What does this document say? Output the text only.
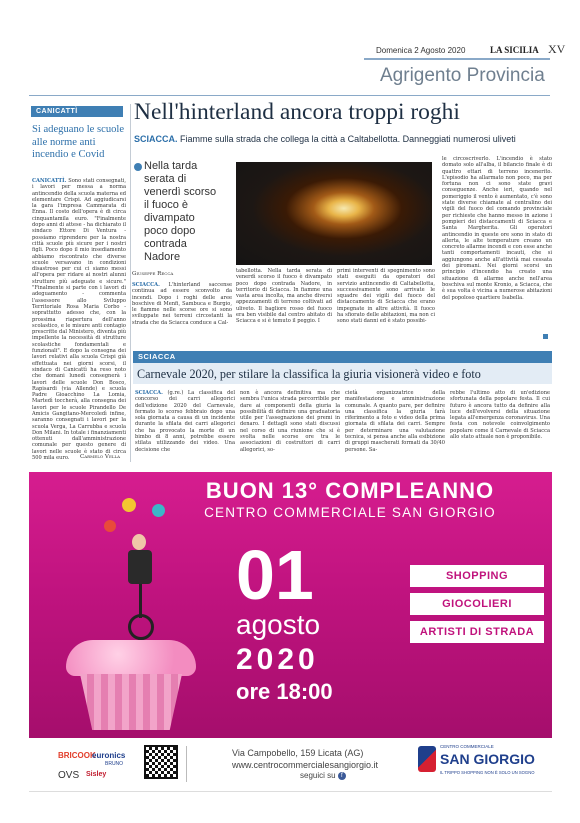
Domenica 2 Agosto 2020	LA SICILIA XV
Agrigento Provincia
CANICATTÌ
Si adeguano le scuole alle norme anti incendio e Covid
CANICATTÌ. Sono stati consegnati, i lavori per messa a norma antincendio della scuola materna ed elementare Crispi. Ad aggiudicarsi la gara l'impresa Cammarata di Enna. Il costo dell'opera è di circa cinquantamila euro. "Finalmente dopo anni di attese - ha dichiarato il sindaco Ettore Di Ventura - possiamo riprendere per la nostra città scuole più sicure per i nostri figli. Poco dopo il mio insediamento abbiamo riscontrato che diverse scuole versavano in condizioni disastrose per cui ci siamo messi all'opera per ridare ai nostri alunni strutture più adeguate e sicure." "Finalmente si parte con i lavori di adeguamento - commenta l'assessore allo Sviluppo Territoriale Rosa Maria Corbo - soprattutto adesso che, con la prossima riapertura dell'anno scolastico, e le misure anti contagio prescritte dal Ministero, diventa più impellente la necessità di strutture scolastiche fondamentali e funzionali". E dopo la consegna dei lavori relativi alla scuola Crispi già effettuata nei giorni scorsi, il sindaco di Canicattì ha reso noto che domani lunedì consegnerà i lavori delle scuole Don Bosco, Rapisardi (via Allende) e scuola Padre Gioacchino La Lomia, Martedì toccherà, alla consegna dei lavori per le scuole Pirandello De Amicis Gangitano-Mercoledì infine, saranno consegnati i lavori per la scuola Verga, La Carrubba e scuola Don Milani. In totale i finanziamenti ottenuti dall'amministrazione comunale per questo genere di lavori nelle scuole è stato di circa 500 mila euro.	Carmelo Vella
Nell'hinterland ancora troppi roghi
SCIACCA. Fiamme sulla strada che collega la città a Caltabellotta. Danneggiati numerosi uliveti
Nella tarda serata di venerdì scorso il fuoco è divampato poco dopo contrada Nadore
Giuseppe Recca
SCIACCA. L'hinterland saccense continua ad essere sconvolto da incendi. Dopo i roghi delle aree boschive di Menfi, Sambuca e Burgio, le fiamme nelle scorse ore si sono sviluppate nei terreni circostanti la strada che da Sciacca conduce a Cal-
tabellotta. Nella tarda serata di venerdì scorso il fuoco è divampato poco dopo contrada Nadore, in territorio di Sciacca. In fiamme una vasta area incolta, ma anche diversi appezzamenti di terreno coltivati ad uliveto. Il bagliore rosso del fuoco era ben visibile dal centro abitato di Sciacca e si è temuto il peggio. I
primi interventi di spegnimento sono stati eseguiti da operatori del servizio antincendio di Caltabellotta, successivamente sono arrivate le squadre dei vigili del fuoco del distaccamento di Sciacca che erano impegnate in altre attività. Il fuoco ha sfiorato delle abitazioni, ma non ci sono stati danni ed è stato possibi-
le circoscriverlo. L'incendio è stato domato solo all'alba, il bilancio finale è di quattro ettari di terreno incenerito. L'episodio ha allarmato non poco, ma per fortuna non ci sono state gravi conseguenze. Anche ieri, quando nel pomeriggio il vento è aumentato, c'è sono state diverse chiamate al centralino dei vigili del fuoco del comando provinciale per richieste che hanno messo in azione i pompieri dei distaccamenti di Sciacca e Santa Margherita. Gli operatori antincendio in queste ore sono in stato di allerta, le alte temperature creano un concreto allarme incendi e con esse anche tanti comportamenti incauti, che si aggiungono anche all'attività mai cessata dei piromani. Nei giorni scorsi un principio d'incendio ha creato una situazione di allarme anche nell'area boschiva sul monte Kronio, a Sciacca, che è sua volta è vicina a numerose abitazioni del popoloso quartiere Isabella.
SCIACCA
Carnevale 2020, per stilare la classifica la giuria visionerà video e foto
SCIACCA. (g.re.) La classifica del concorso dei carri allegorici dell'edizione 2020 del Carnevale, fermato lo scorso febbraio dopo una sola giornata a causa di un incidente durante la sfilata dei carri allegorici che ha provocato la morte di un bimbo di 8 anni, potrebbe essere stilata utilizzando dei video. Una decisione che
non è ancora definitiva ma che sembra l'unica strada percorribile per dare ai componenti della giuria la possibilità di definire una graduatoria utile per l'assegnazione dei premi in denaro. I dettagli sono stati discussi nel corso di una riunione che si è svolta nelle scorse ore tra le associazioni di costruttori di carri allegorici, so-
cietà organizzatrice della manifestazione e amministrazione comunale. A quanto pare, per definire una classifica la giuria farà riferimento a foto e video della prima giornata di sfilata dei carri. Sempre per determinare una valutazione tecnica, si pensa anche alla esibizione di gruppi mascherati formati da 30/40 persone. Sa-
rebbe l'ultimo atto di un'edizione sfortunata della popolare festa. Il cui futuro è ancora tutto da definire alla luce dell'evolversi della situazione legata all'emergenza coronavirus. Una festa con notevole coinvolgimento popolare come il Carnevale di Sciacca allo stato attuale non è proponibile.
BUON 13° COMPLEANNO
CENTRO COMMERCIALE SAN GIORGIO
01
agosto
2020
ore 18:00
SHOPPING
GIOCOLIERI
ARTISTI DI STRADA
BRICOOK
euronics
BRUNO
OVS Sisley
Via Campobello, 159 Licata (AG)
www.centrocommercialesangiorgio.it
seguici su f
CENTRO COMMERCIALE
SAN GIORGIO
IL TRIPPO SHOPPING NON È SOLO UN SOGNO
